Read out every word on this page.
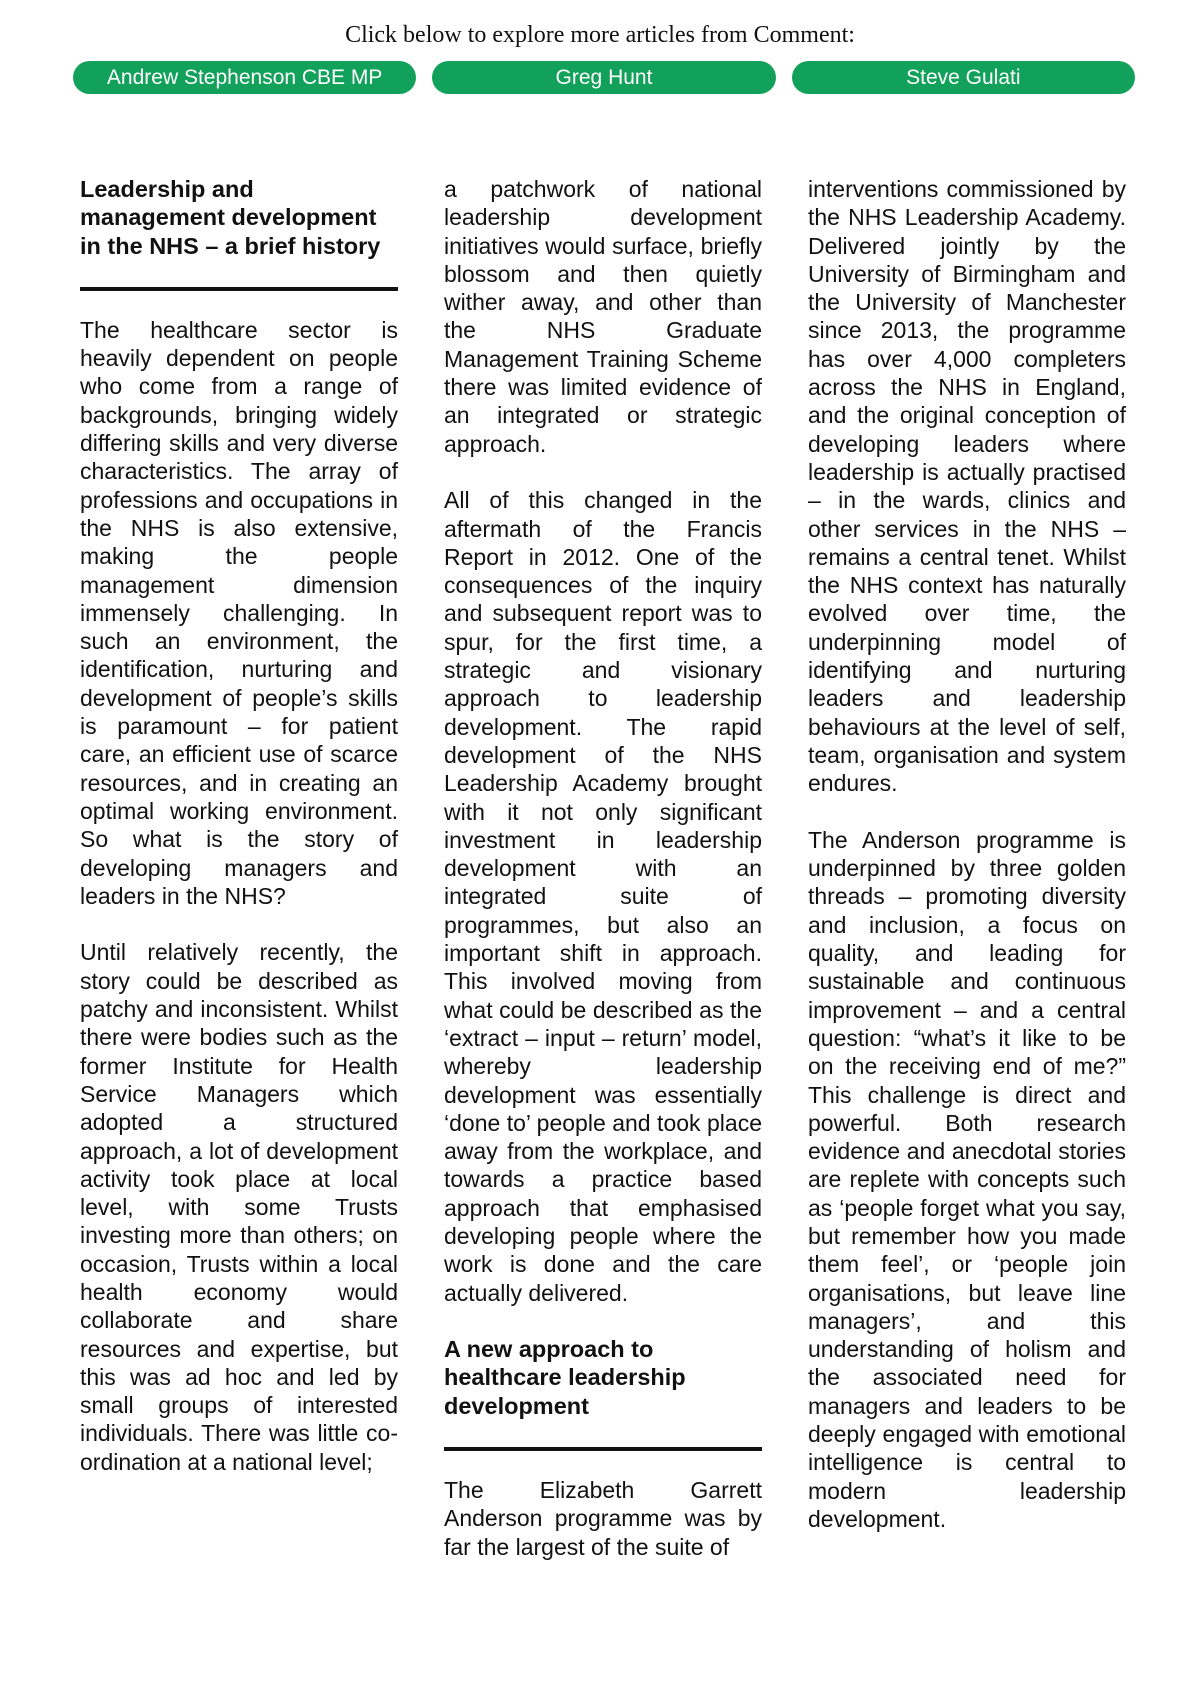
Click below to explore more articles from Comment:
Andrew Stephenson CBE MP	Greg Hunt	Steve Gulati
Leadership and management development in the NHS – a brief history

The healthcare sector is heavily dependent on people who come from a range of backgrounds, bringing widely differing skills and very diverse characteristics. The array of professions and occupations in the NHS is also extensive, making the people management dimension immensely challenging. In such an environment, the identification, nurturing and development of people’s skills is paramount – for patient care, an efficient use of scarce resources, and in creating an optimal working environment. So what is the story of developing managers and leaders in the NHS?

Until relatively recently, the story could be described as patchy and inconsistent. Whilst there were bodies such as the former Institute for Health Service Managers which adopted a structured approach, a lot of development activity took place at local level, with some Trusts investing more than others; on occasion, Trusts within a local health economy would collaborate and share resources and expertise, but this was ad hoc and led by small groups of interested individuals. There was little co-ordination at a national level;

a patchwork of national leadership development initiatives would surface, briefly blossom and then quietly wither away, and other than the NHS Graduate Management Training Scheme there was limited evidence of an integrated or strategic approach.

All of this changed in the aftermath of the Francis Report in 2012. One of the consequences of the inquiry and subsequent report was to spur, for the first time, a strategic and visionary approach to leadership development. The rapid development of the NHS Leadership Academy brought with it not only significant investment in leadership development with an integrated suite of programmes, but also an important shift in approach. This involved moving from what could be described as the ‘extract – input – return’ model, whereby leadership development was essentially ‘done to’ people and took place away from the workplace, and towards a practice based approach that emphasised developing people where the work is done and the care actually delivered.

A new approach to healthcare leadership development

The Elizabeth Garrett Anderson programme was by far the largest of the suite of

interventions commissioned by the NHS Leadership Academy. Delivered jointly by the University of Birmingham and the University of Manchester since 2013, the programme has over 4,000 completers across the NHS in England, and the original conception of developing leaders where leadership is actually practised – in the wards, clinics and other services in the NHS – remains a central tenet. Whilst the NHS context has naturally evolved over time, the underpinning model of identifying and nurturing leaders and leadership behaviours at the level of self, team, organisation and system endures.

The Anderson programme is underpinned by three golden threads – promoting diversity and inclusion, a focus on quality, and leading for sustainable and continuous improvement – and a central question: “what’s it like to be on the receiving end of me?” This challenge is direct and powerful. Both research evidence and anecdotal stories are replete with concepts such as ‘people forget what you say, but remember how you made them feel’, or ‘people join organisations, but leave line managers’, and this understanding of holism and the associated need for managers and leaders to be deeply engaged with emotional intelligence is central to modern leadership development.
